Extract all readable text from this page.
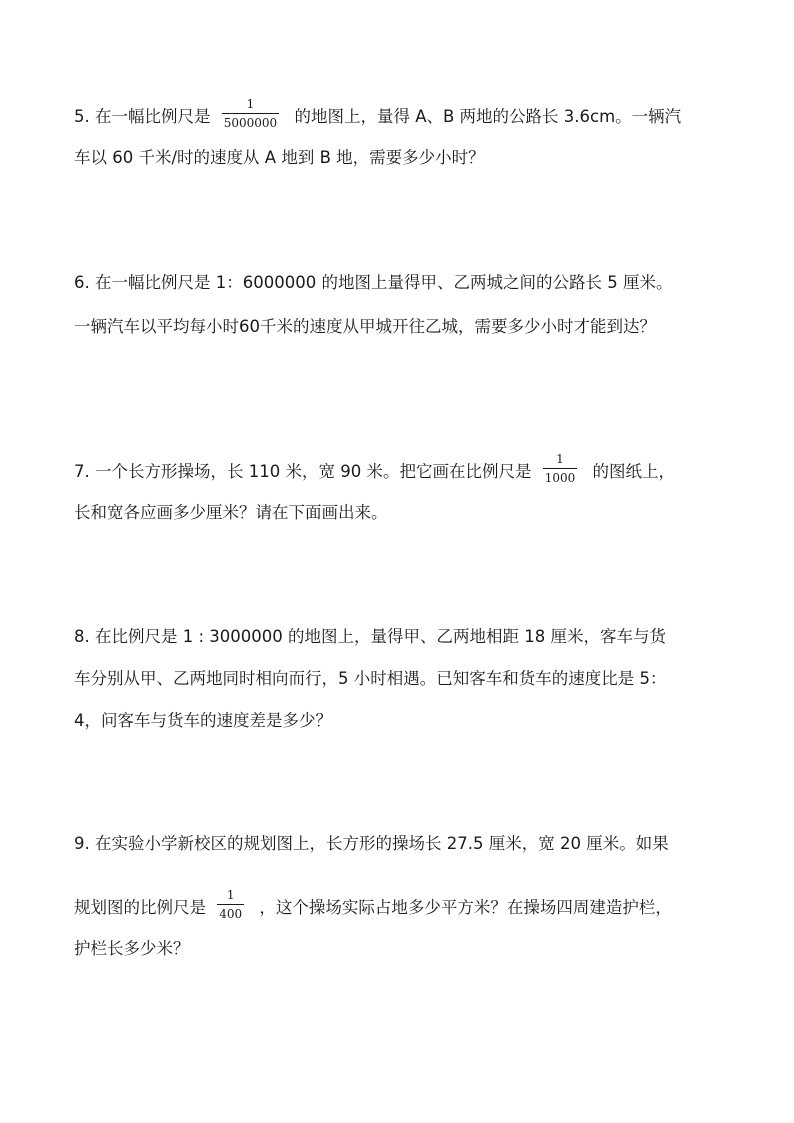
5. 在一幅比例尺是 $\frac{1}{5000000}$ 的地图上，量得 A、B 两地的公路长 3.6cm。一辆汽
车以 60 千米/时的速度从 A 地到 B 地，需要多少小时？
6. 在一幅比例尺是 1：6000000 的地图上量得甲、乙两城之间的公路长 5 厘米。
一辆汽车以平均每小时60千米的速度从甲城开往乙城，需要多少小时才能到达？
7. 一个长方形操场，长 110 米，宽 90 米。把它画在比例尺是 $\frac{1}{1000}$ 的图纸上，
长和宽各应画多少厘米？请在下面画出来。
8. 在比例尺是 1 : 3000000 的地图上，量得甲、乙两地相距 18 厘米，客车与货
车分别从甲、乙两地同时相向而行，5 小时相遇。已知客车和货车的速度比是 5：
4，问客车与货车的速度差是多少？
9. 在实验小学新校区的规划图上，长方形的操场长 27.5 厘米，宽 20 厘米。如果
规划图的比例尺是 $\frac{1}{400}$ ，这个操场实际占地多少平方米？在操场四周建造护栏，
护栏长多少米？
